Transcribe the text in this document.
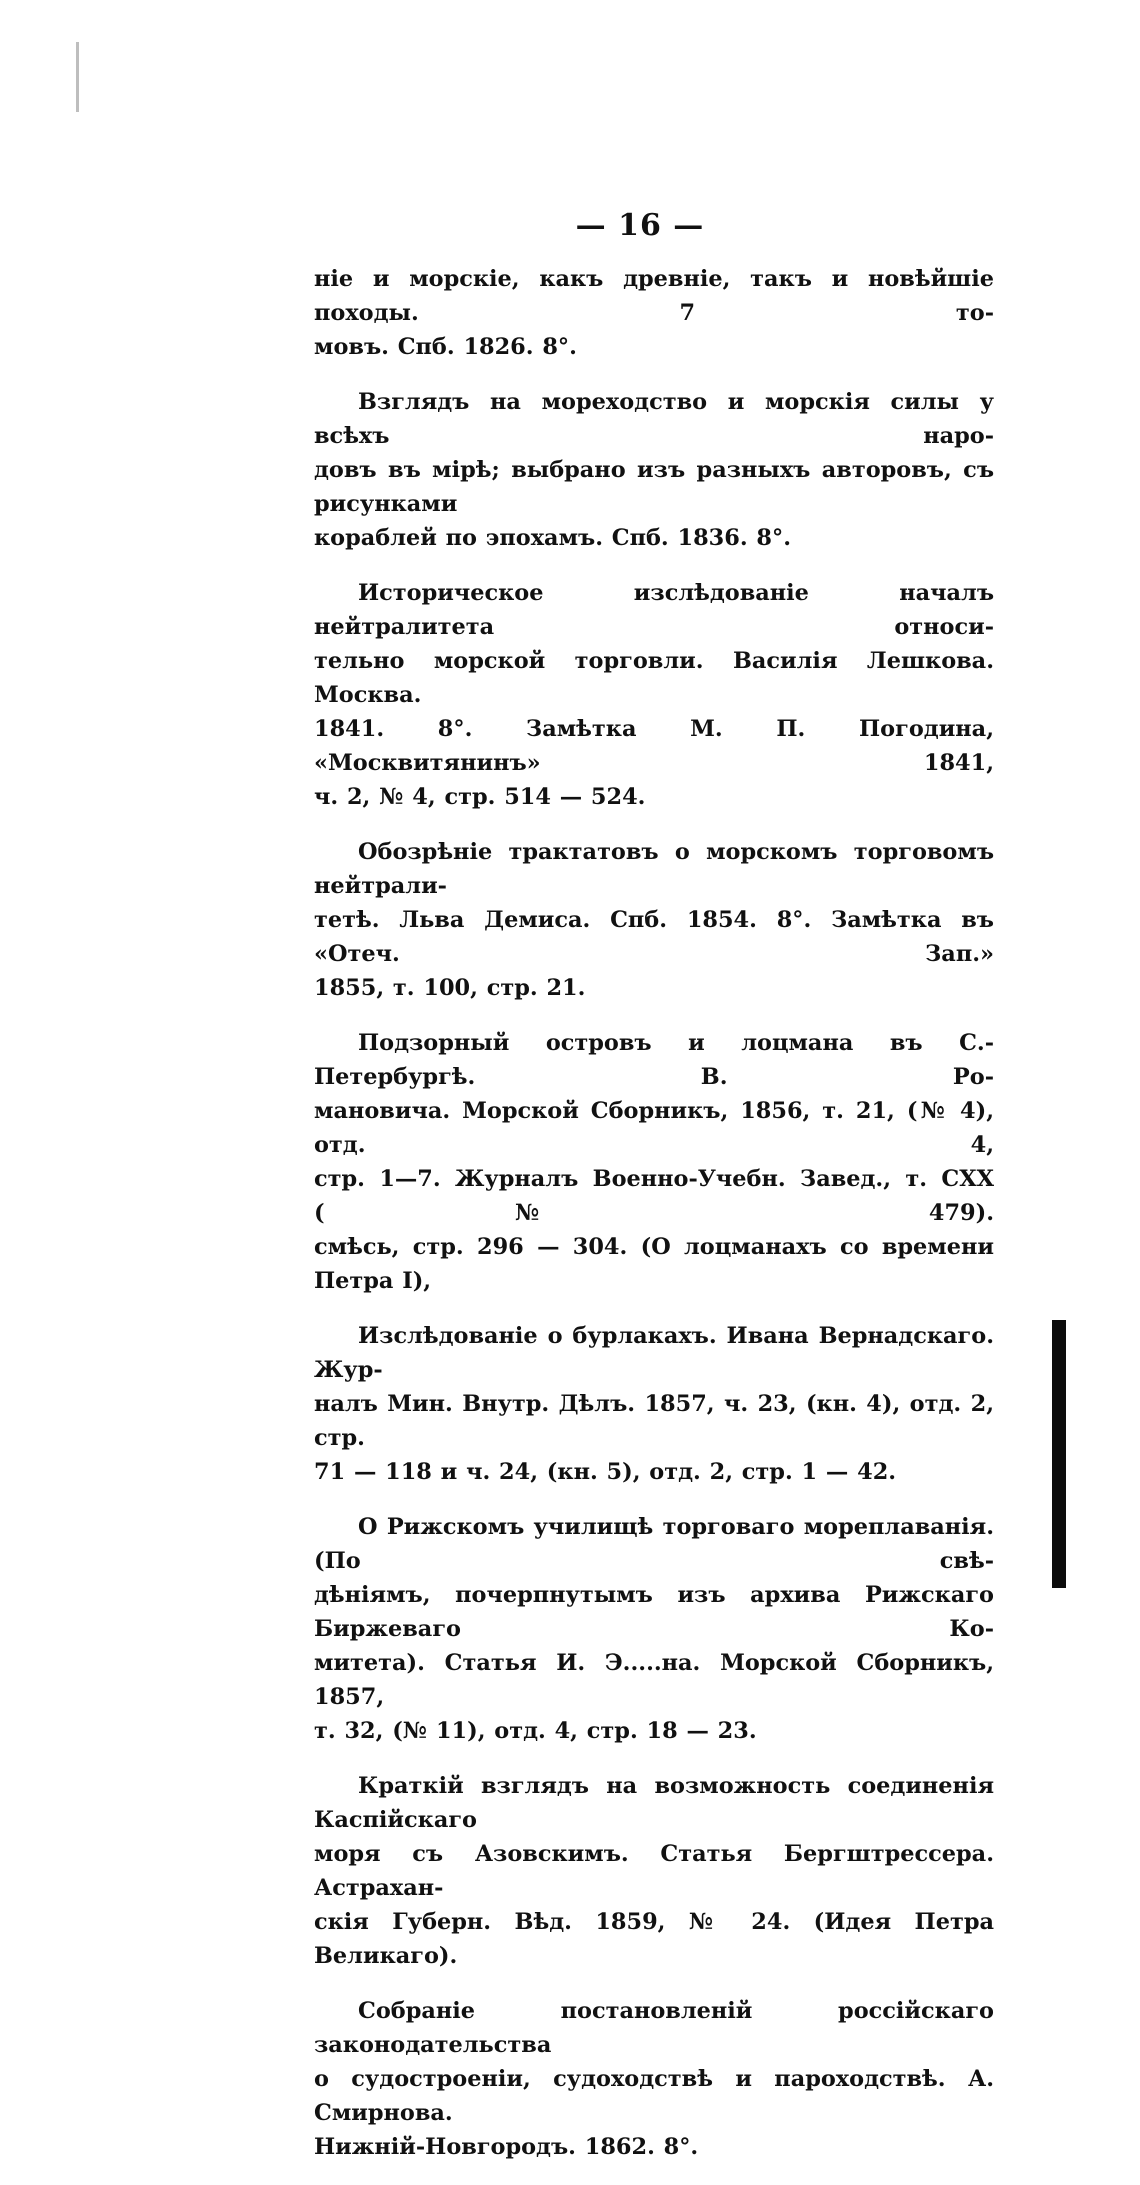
— 16 —
ніе и морскіе, какъ древніе, такъ и новѣйшіе походы. 7 то-
мовъ. Спб. 1826. 8°.
Взглядъ на мореходство и морскія силы у всѣхъ наро-
довъ въ мірѣ; выбрано изъ разныхъ авторовъ, съ рисунками
кораблей по эпохамъ. Спб. 1836. 8°.
Историческое изслѣдованіе началъ нейтралитета относи-
тельно морской торговли. Василія Лешкова. Москва.
1841. 8°. Замѣтка М. П. Погодина, «Москвитянинъ» 1841,
ч. 2, № 4, стр. 514 — 524.
Обозрѣніе трактатовъ о морскомъ торговомъ нейтрали-
тетѣ. Льва Демиса. Спб. 1854. 8°. Замѣтка въ «Отеч. Зап.»
1855, т. 100, стр. 21.
Подзорный островъ и лоцмана въ С.-Петербургѣ. В. Ро-
мановича. Морской Сборникъ, 1856, т. 21, (№ 4), отд. 4,
стр. 1—7. Журналъ Военно-Учебн. Завед., т. CXX (№ 479).
смѣсь, стр. 296 — 304. (О лоцманахъ со времени Петра I),
Изслѣдованіе о бурлакахъ. Ивана Вернадскаго. Жур-
налъ Мин. Внутр. Дѣлъ. 1857, ч. 23, (кн. 4), отд. 2, стр.
71 — 118 и ч. 24, (кн. 5), отд. 2, стр. 1 — 42.
О Рижскомъ училищѣ торговаго мореплаванія. (По свѣ-
дѣніямъ, почерпнутымъ изъ архива Рижскаго Биржеваго Ко-
митета). Статья И. Э.....на. Морской Сборникъ, 1857,
т. 32, (№ 11), отд. 4, стр. 18 — 23.
Краткій взглядъ на возможность соединенія Каспійскаго
моря съ Азовскимъ. Статья Бергштрессера. Астрахан-
скія Губерн. Вѣд. 1859, № 24. (Идея Петра Великаго).
Собраніе постановленій россійскаго законодательства
о судостроеніи, судоходствѣ и пароходствѣ. А. Смирнова.
Нижній-Новгородъ. 1862. 8°.
